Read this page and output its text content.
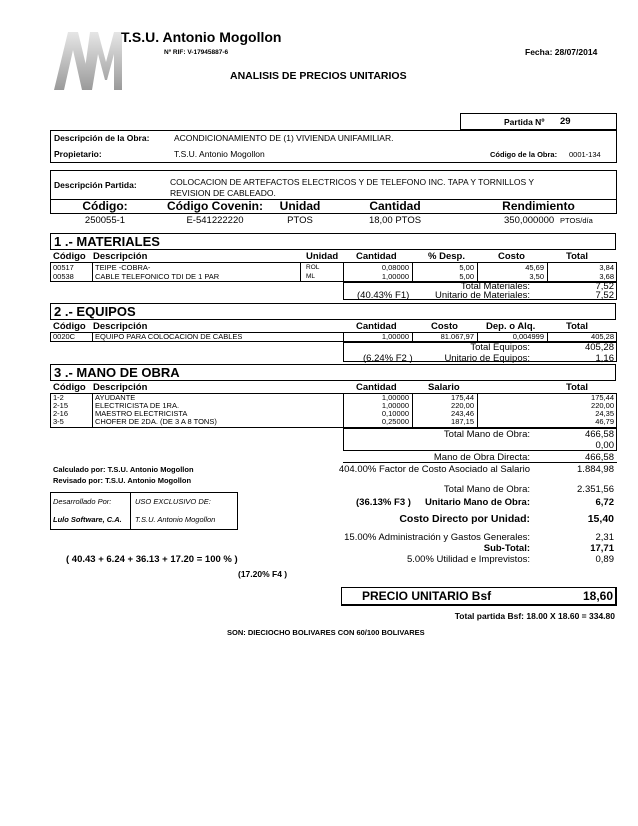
T.S.U. Antonio Mogollon
Nº RIF: V-17945887-6	Fecha: 28/07/2014
ANALISIS DE PRECIOS UNITARIOS
Partida Nº 29
Descripción de la Obra:	ACONDICIONAMIENTO DE (1) VIVIENDA UNIFAMILIAR.
Propietario:	T.S.U. Antonio Mogollon	Código de la Obra: 0001-134
Descripción Partida:	COLOCACION DE ARTEFACTOS ELECTRICOS Y DE TELEFONO INC. TAPA Y TORNILLOS Y
REVISION DE CABLEADO.
Código:	Código Covenin:	Unidad	Cantidad	Rendimiento
250055-1	E-541222220	PTOS	18,00 PTOS	350,000000 PTOS/día
1 .- MATERIALES
Código Descripción	Unidad Cantidad	% Desp.	Costo	Total
00517	TEIPE -COBRA-	ROL	0,08000	5,00	45,69	3,84
00538	CABLE TELEFONICO TDI DE 1 PAR	ML	1,00000	5,00	3,50	3,68
Total Materiales:	7,52
(40.43% F1)	Unitario de Materiales:	7,52
2 .- EQUIPOS
Código Descripción	Cantidad	Costo	Dep. o Alq.	Total
0020C	EQUIPO PARA COLOCACION DE CABLES	1,00000	81.067,97	0,004999	405,28
Total Equipos:	405,28
(6.24% F2 )	Unitario de Equipos:	1,16
3 .- MANO DE OBRA
Código Descripción	Cantidad	Salario	Total
1-2	AYUDANTE	1,00000	175,44	175,44
2-15	ELECTRICISTA DE 1RA.	1,00000	220,00	220,00
2-16	MAESTRO ELECTRICISTA	0,10000	243,46	24,35
3-5	CHOFER DE 2DA. (DE 3 A 8 TONS)	0,25000	187,15	46,79
Total Mano de Obra:	466,58
0,00
Mano de Obra Directa:	466,58
404.00% Factor de Costo Asociado al Salario	1.884,98
Calculado por: T.S.U. Antonio Mogollon
Revisado por: T.S.U. Antonio Mogollon
Total Mano de Obra:	2.351,56
(36.13% F3 )	Unitario Mano de Obra:	6,72
Desarrollado Por:	USO EXCLUSIVO DE:
Lulo Software, C.A. T.S.U. Antonio Mogollon	Costo Directo por Unidad:	15,40
15.00% Administración y Gastos Generales:	2,31
Sub-Total:	17,71
( 40.43 + 6.24 + 36.13 + 17.20 = 100 % )	5.00% Utilidad e Imprevistos:	0,89
(17.20% F4 )
PRECIO UNITARIO Bsf	18,60
Total partida Bsf: 18.00 X 18.60 = 334.80
SON: DIECIOCHO BOLIVARES CON 60/100 BOLIVARES
